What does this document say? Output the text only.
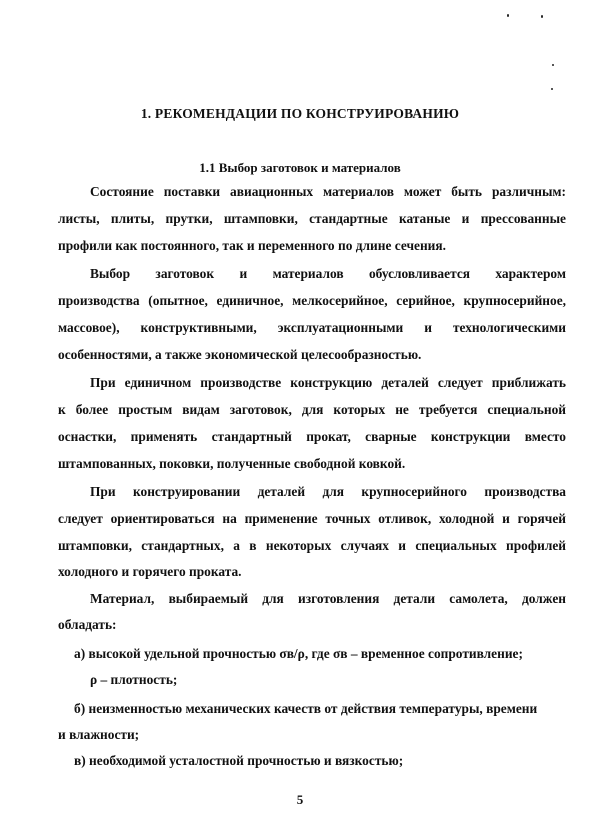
1. РЕКОМЕНДАЦИИ ПО КОНСТРУИРОВАНИЮ
1.1 Выбор заготовок и материалов
Состояние поставки авиационных материалов может быть различным:
листы, плиты, прутки, штамповки, стандартные катаные и прессованные
профили как постоянного, так и переменного по длине сечения.
Выбор заготовок и материалов обусловливается характером
производства (опытное, единичное, мелкосерийное, серийное, крупносерийное,
массовое), конструктивными, эксплуатационными и технологическими
особенностями, а также экономической целесообразностью.
При единичном производстве конструкцию деталей следует приближать
к более простым видам заготовок, для которых не требуется специальной
оснастки, применять стандартный прокат, сварные конструкции вместо
штампованных, поковки, полученные свободной ковкой.
При конструировании деталей для крупносерийного производства
следует ориентироваться на применение точных отливок, холодной и горячей
штамповки, стандартных, а в некоторых случаях и специальных профилей
холодного и горячего проката.
Материал, выбираемый для изготовления детали самолета, должен
обладать:
а) высокой удельной прочностью σв/ρ, где σв – временное сопротивление;
ρ – плотность;
б) неизменностью механических качеств от действия температуры, времени
и влажности;
в) необходимой усталостной прочностью и вязкостью;
5
